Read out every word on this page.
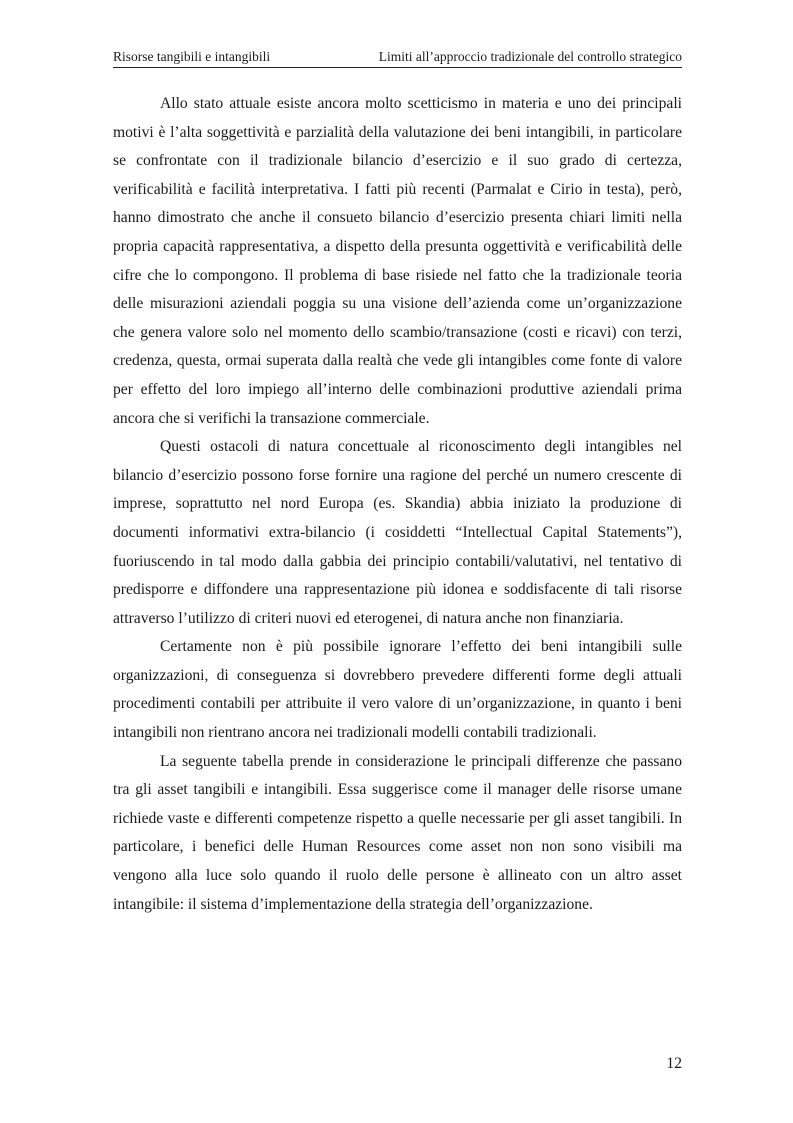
Risorse tangibili e intangibili	Limiti all’approccio tradizionale del controllo strategico

Allo stato attuale esiste ancora molto scetticismo in materia e uno dei principali motivi è l’alta soggettività e parzialità della valutazione dei beni intangibili, in particolare se confrontate con il tradizionale bilancio d’esercizio e il suo grado di certezza, verificabilità e facilità interpretativa. I fatti più recenti (Parmalat e Cirio in testa), però, hanno dimostrato che anche il consueto bilancio d’esercizio presenta chiari limiti nella propria capacità rappresentativa, a dispetto della presunta oggettività e verificabilità delle cifre che lo compongono. Il problema di base risiede nel fatto che la tradizionale teoria delle misurazioni aziendali poggia su una visione dell’azienda come un’organizzazione che genera valore solo nel momento dello scambio/transazione (costi e ricavi) con terzi, credenza, questa, ormai superata dalla realtà che vede gli intangibles come fonte di valore per effetto del loro impiego all’interno delle combinazioni produttive aziendali prima ancora che si verifichi la transazione commerciale.

Questi ostacoli di natura concettuale al riconoscimento degli intangibles nel bilancio d’esercizio possono forse fornire una ragione del perché un numero crescente di imprese, soprattutto nel nord Europa (es. Skandia) abbia iniziato la produzione di documenti informativi extra-bilancio (i cosiddetti “Intellectual Capital Statements”), fuoriuscendo in tal modo dalla gabbia dei principio contabili/valutativi, nel tentativo di predisporre e diffondere una rappresentazione più idonea e soddisfacente di tali risorse attraverso l’utilizzo di criteri nuovi ed eterogenei, di natura anche non finanziaria.

Certamente non è più possibile ignorare l’effetto dei beni intangibili sulle organizzazioni, di conseguenza si dovrebbero prevedere differenti forme degli attuali procedimenti contabili per attribuite il vero valore di un’organizzazione, in quanto i beni intangibili non rientrano ancora nei tradizionali modelli contabili tradizionali.

La seguente tabella prende in considerazione le principali differenze che passano tra gli asset tangibili e intangibili. Essa suggerisce come il manager delle risorse umane richiede vaste e differenti competenze rispetto a quelle necessarie per gli asset tangibili. In particolare, i benefici delle Human Resources come asset non non sono visibili ma vengono alla luce solo quando il ruolo delle persone è allineato con un altro asset intangibile: il sistema d’implementazione della strategia dell’organizzazione.

12
